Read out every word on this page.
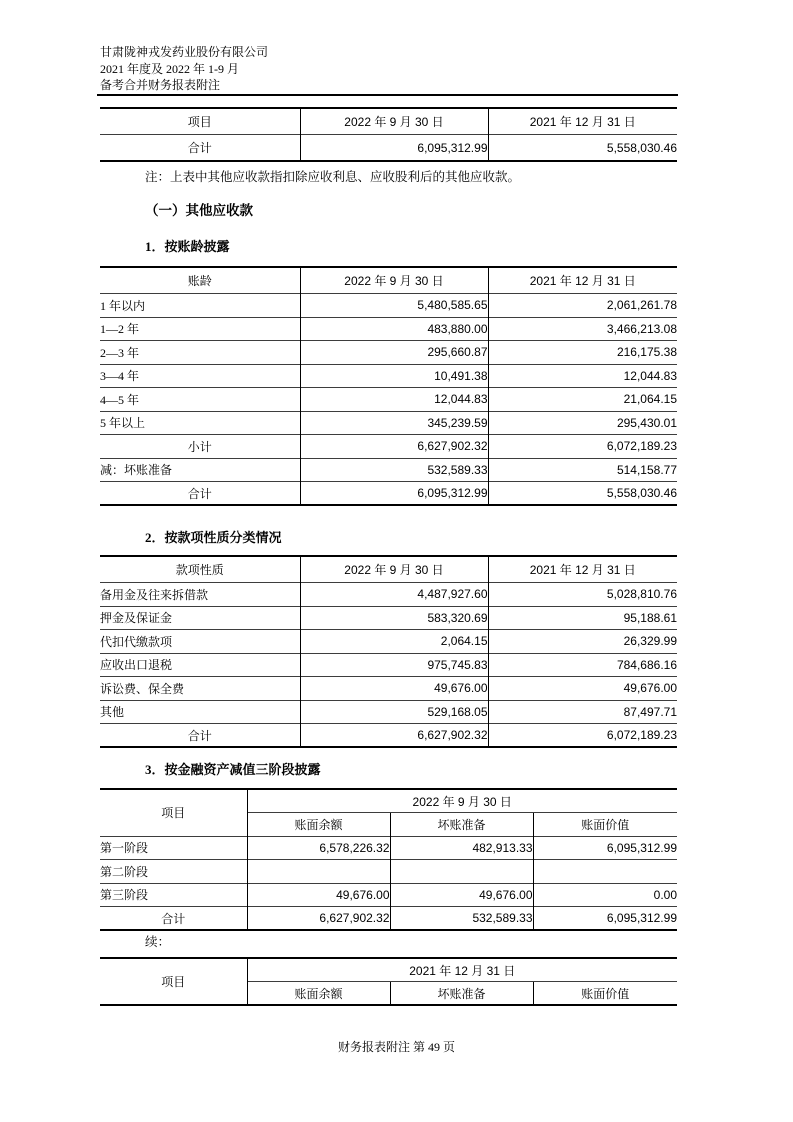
甘肃陇神戎发药业股份有限公司
2021 年度及 2022 年 1-9 月
备考合并财务报表附注
项目	2022 年 9 月 30 日	2021 年 12 月 31 日
合计	6,095,312.99	5,558,030.46
注：上表中其他应收款指扣除应收利息、应收股利后的其他应收款。
（一）其他应收款
1．按账龄披露
账龄	2022 年 9 月 30 日	2021 年 12 月 31 日
1 年以内	5,480,585.65	2,061,261.78
1—2 年	483,880.00	3,466,213.08
2—3 年	295,660.87	216,175.38
3—4 年	10,491.38	12,044.83
4—5 年	12,044.83	21,064.15
5 年以上	345,239.59	295,430.01
小计	6,627,902.32	6,072,189.23
减：坏账准备	532,589.33	514,158.77
合计	6,095,312.99	5,558,030.46
2．按款项性质分类情况
款项性质	2022 年 9 月 30 日	2021 年 12 月 31 日
备用金及往来拆借款	4,487,927.60	5,028,810.76
押金及保证金	583,320.69	95,188.61
代扣代缴款项	2,064.15	26,329.99
应收出口退税	975,745.83	784,686.16
诉讼费、保全费	49,676.00	49,676.00
其他	529,168.05	87,497.71
合计	6,627,902.32	6,072,189.23
3．按金融资产减值三阶段披露
项目	2022 年 9 月 30 日		
	账面余额	坏账准备	账面价值
第一阶段	6,578,226.32	482,913.33	6,095,312.99
第二阶段			
第三阶段	49,676.00	49,676.00	0.00
合计	6,627,902.32	532,589.33	6,095,312.99
续：
项目	2021 年 12 月 31 日		
	账面余额	坏账准备	账面价值
财务报表附注 第 49 页
